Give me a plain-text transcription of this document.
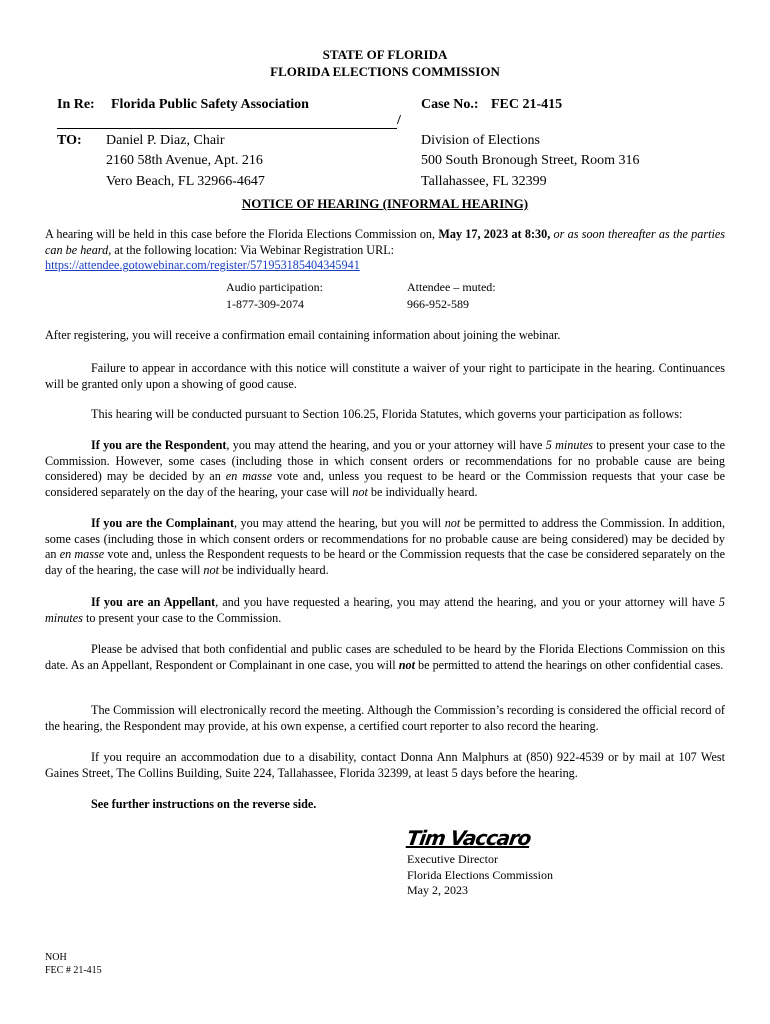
STATE OF FLORIDA
FLORIDA ELECTIONS COMMISSION
In Re: Florida Public Safety Association	Case No.: FEC 21-415
/
TO: Daniel P. Diaz, Chair
2160 58th Avenue, Apt. 216
Vero Beach, FL 32966-4647
Division of Elections
500 South Bronough Street, Room 316
Tallahassee, FL 32399
NOTICE OF HEARING (INFORMAL HEARING)
A hearing will be held in this case before the Florida Elections Commission on, May 17, 2023 at 8:30, or as soon thereafter as the parties can be heard, at the following location: Via Webinar Registration URL:
https://attendee.gotowebinar.com/register/571953185404345941
Audio participation:
1-877-309-2074
Attendee – muted:
966-952-589
After registering, you will receive a confirmation email containing information about joining the webinar.
Failure to appear in accordance with this notice will constitute a waiver of your right to participate in the hearing. Continuances will be granted only upon a showing of good cause.
This hearing will be conducted pursuant to Section 106.25, Florida Statutes, which governs your participation as follows:
If you are the Respondent, you may attend the hearing, and you or your attorney will have 5 minutes to present your case to the Commission. However, some cases (including those in which consent orders or recommendations for no probable cause are being considered) may be decided by an en masse vote and, unless you request to be heard or the Commission requests that your case be considered separately on the day of the hearing, your case will not be individually heard.
If you are the Complainant, you may attend the hearing, but you will not be permitted to address the Commission. In addition, some cases (including those in which consent orders or recommendations for no probable cause are being considered) may be decided by an en masse vote and, unless the Respondent requests to be heard or the Commission requests that the case be considered separately on the day of the hearing, the case will not be individually heard.
If you are an Appellant, and you have requested a hearing, you may attend the hearing, and you or your attorney will have 5 minutes to present your case to the Commission.
Please be advised that both confidential and public cases are scheduled to be heard by the Florida Elections Commission on this date. As an Appellant, Respondent or Complainant in one case, you will not be permitted to attend the hearings on other confidential cases.
The Commission will electronically record the meeting. Although the Commission’s recording is considered the official record of the hearing, the Respondent may provide, at his own expense, a certified court reporter to also record the hearing.
If you require an accommodation due to a disability, contact Donna Ann Malphurs at (850) 922-4539 or by mail at 107 West Gaines Street, The Collins Building, Suite 224, Tallahassee, Florida 32399, at least 5 days before the hearing.
See further instructions on the reverse side.
Tim Vaccaro
Executive Director
Florida Elections Commission
May 2, 2023
NOH
FEC # 21-415
